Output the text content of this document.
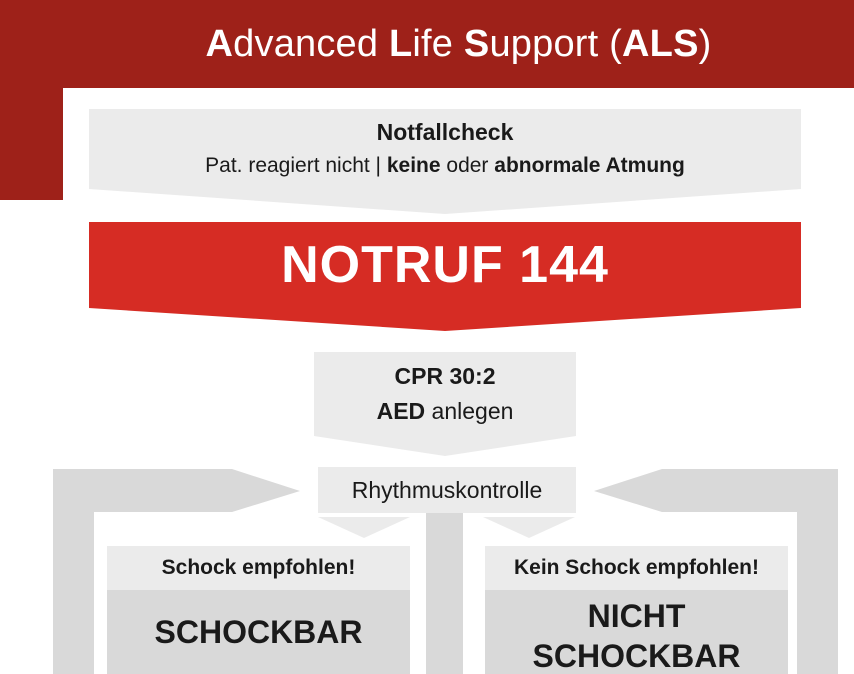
Advanced Life Support (ALS)
Notfallcheck
Pat. reagiert nicht | keine oder abnormale Atmung
NOTRUF 144
CPR 30:2
AED anlegen
Rhythmuskontrolle
Schock empfohlen!
SCHOCKBAR
Kein Schock empfohlen!
NICHT
SCHOCKBAR
